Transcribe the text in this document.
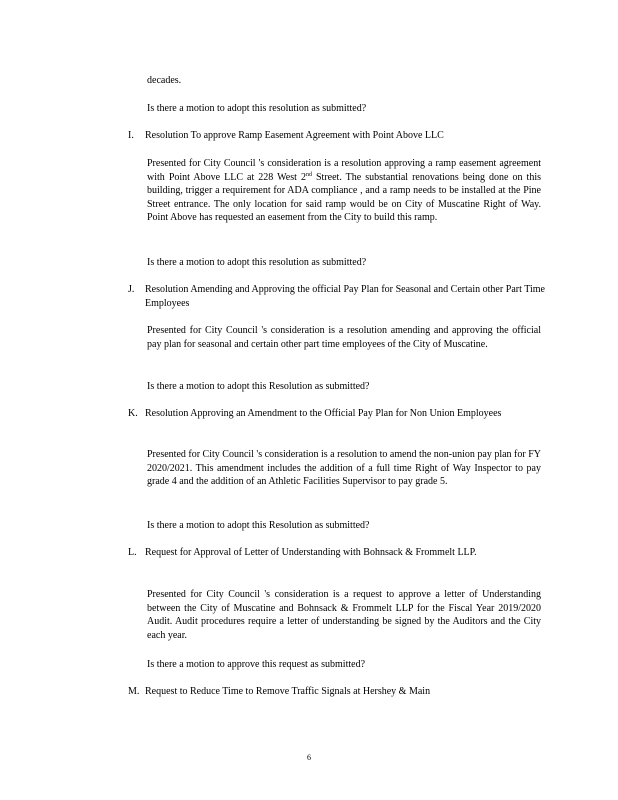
decades.

Is there a motion to adopt this resolution as submitted?

I. Resolution To approve Ramp Easement Agreement with Point Above LLC

Presented for City Council 's consideration is a resolution approving a ramp easement agreement with Point Above LLC at 228 West 2nd Street. The substantial renovations being done on this building, trigger a requirement for ADA compliance , and a ramp needs to be installed at the Pine Street entrance. The only location for said ramp would be on City of Muscatine Right of Way. Point Above has requested an easement from the City to build this ramp.

Is there a motion to adopt this resolution as submitted?

J. Resolution Amending and Approving the official Pay Plan for Seasonal and Certain other Part Time Employees

Presented for City Council 's consideration is a resolution amending and approving the official pay plan for seasonal and certain other part time employees of the City of Muscatine.

Is there a motion to adopt this Resolution as submitted?

K. Resolution Approving an Amendment to the Official Pay Plan for Non Union Employees

Presented for City Council 's consideration is a resolution to amend the non-union pay plan for FY 2020/2021. This amendment includes the addition of a full time Right of Way Inspector to pay grade 4 and the addition of an Athletic Facilities Supervisor to pay grade 5.

Is there a motion to adopt this Resolution as submitted?

L. Request for Approval of Letter of Understanding with Bohnsack & Frommelt LLP.

Presented for City Council 's consideration is a request to approve a letter of Understanding between the City of Muscatine and Bohnsack & Frommelt LLP for the Fiscal Year 2019/2020 Audit. Audit procedures require a letter of understanding be signed by the Auditors and the City each year.

Is there a motion to approve this request as submitted?

M. Request to Reduce Time to Remove Traffic Signals at Hershey & Main
6
